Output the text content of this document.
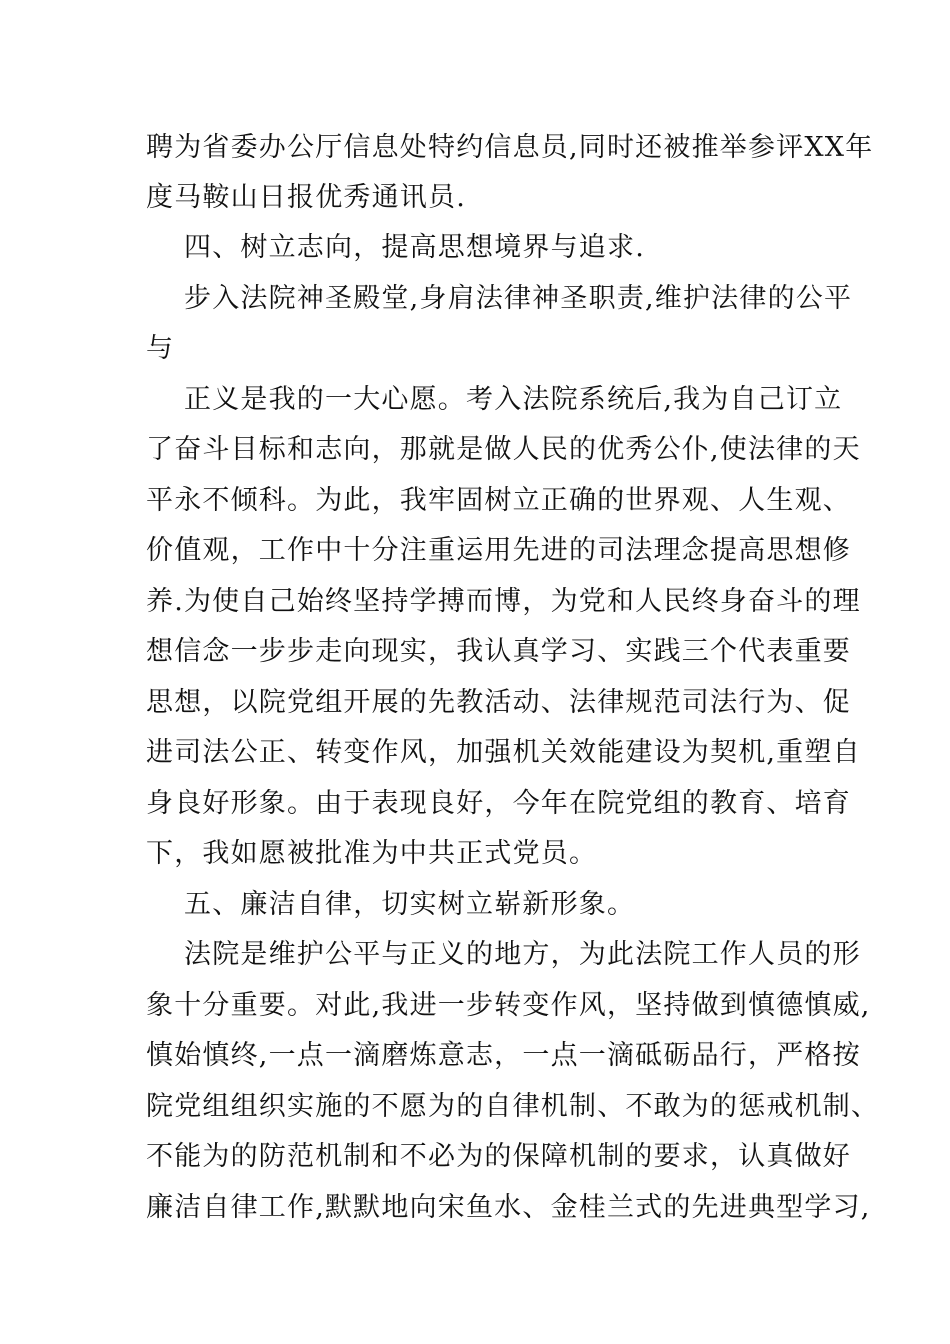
聘为省委办公厅信息处特约信息员,同时还被推举参评XX年
度马鞍山日报优秀通讯员.
四、树立志向，提高思想境界与追求.
步入法院神圣殿堂,身肩法律神圣职责,维护法律的公平
与
正义是我的一大心愿。考入法院系统后,我为自己订立
了奋斗目标和志向，那就是做人民的优秀公仆,使法律的天
平永不倾科。为此，我牢固树立正确的世界观、人生观、
价值观，工作中十分注重运用先进的司法理念提高思想修
养.为使自己始终坚持学搏而博，为党和人民终身奋斗的理
想信念一步步走向现实，我认真学习、实践三个代表重要
思想，以院党组开展的先教活动、法律规范司法行为、促
进司法公正、转变作风，加强机关效能建设为契机,重塑自
身良好形象。由于表现良好，今年在院党组的教育、培育
下，我如愿被批准为中共正式党员。
五、廉洁自律，切实树立崭新形象。
法院是维护公平与正义的地方，为此法院工作人员的形
象十分重要。对此,我进一步转变作风，坚持做到慎德慎威,
慎始慎终,一点一滴磨炼意志，一点一滴砥砺品行，严格按
院党组组织实施的不愿为的自律机制、不敢为的惩戒机制、
不能为的防范机制和不必为的保障机制的要求，认真做好
廉洁自律工作,默默地向宋鱼水、金桂兰式的先进典型学习,
